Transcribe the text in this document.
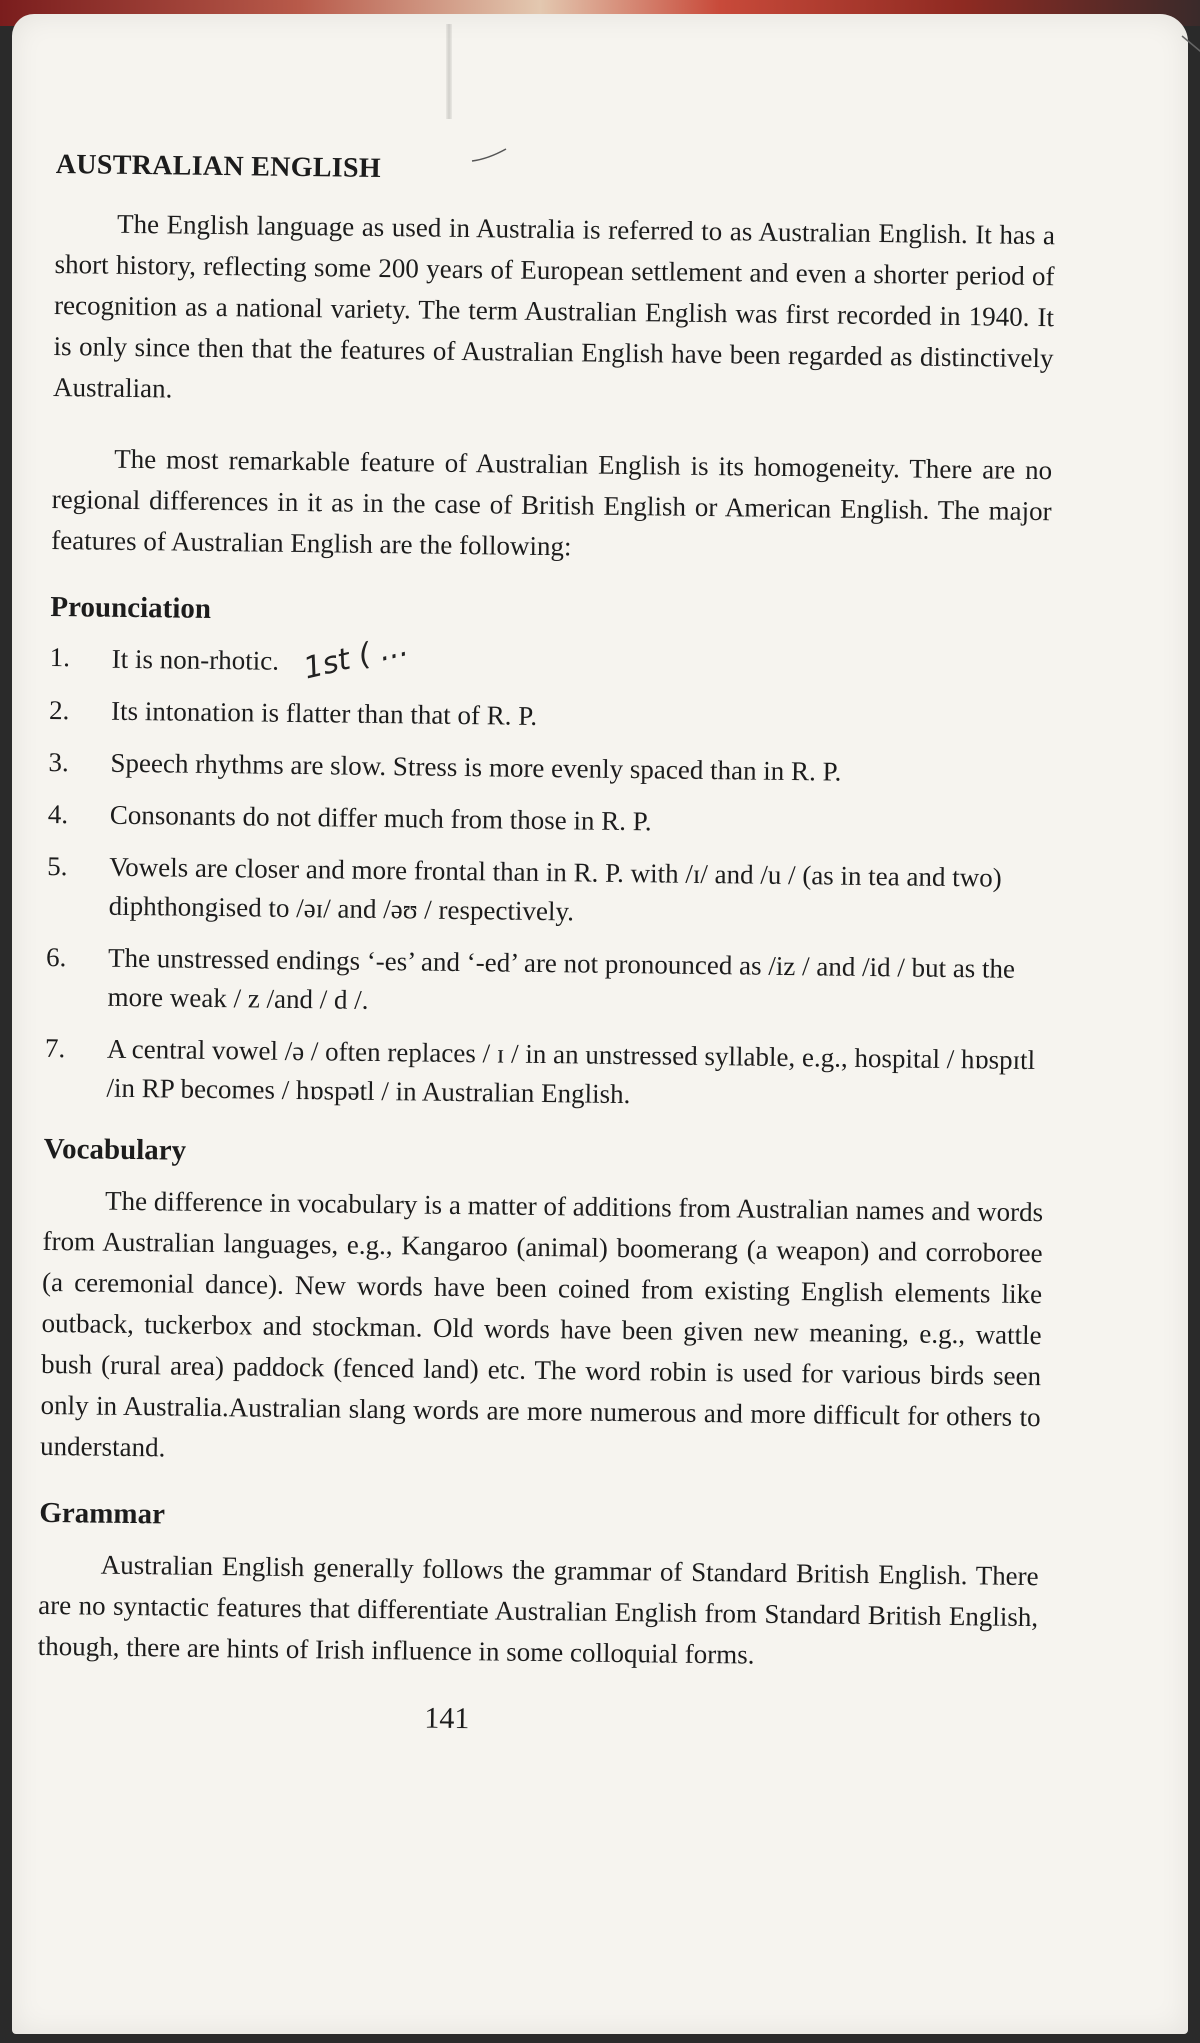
AUSTRALIAN ENGLISH

The English language as used in Australia is referred to as Australian English. It has a short history, reflecting some 200 years of European settlement and even a shorter period of recognition as a national variety. The term Australian English was first recorded in 1940. It is only since then that the features of Australian English have been regarded as distinctively Australian.

The most remarkable feature of Australian English is its homogeneity. There are no regional differences in it as in the case of British English or American English. The major features of Australian English are the following:

Prounciation
1. It is non-rhotic. 1st ( ...
2. Its intonation is flatter than that of R. P.
3. Speech rhythms are slow. Stress is more evenly spaced than in R. P.
4. Consonants do not differ much from those in R. P.
5. Vowels are closer and more frontal than in R. P. with /ɪ/ and /u / (as in tea and two) diphthongised to /əɪ/ and /əʊ / respectively.
6. The unstressed endings ‘-es’ and ‘-ed’ are not pronounced as /iz / and /id / but as the more weak / z /and / d /.
7. A central vowel /ə / often replaces / ɪ / in an unstressed syllable, e.g., hospital / hɒspɪtl /in RP becomes / hɒspətl / in Australian English.
Vocabulary

The difference in vocabulary is a matter of additions from Australian names and words from Australian languages, e.g., Kangaroo (animal) boomerang (a weapon) and corroboree (a ceremonial dance). New words have been coined from existing English elements like outback, tuckerbox and stockman. Old words have been given new meaning, e.g., wattle bush (rural area) paddock (fenced land) etc. The word robin is used for various birds seen only in Australia.Australian slang words are more numerous and more difficult for others to understand.

Grammar

Australian English generally follows the grammar of Standard British English. There are no syntactic features that differentiate Australian English from Standard British English, though, there are hints of Irish influence in some colloquial forms.

141
